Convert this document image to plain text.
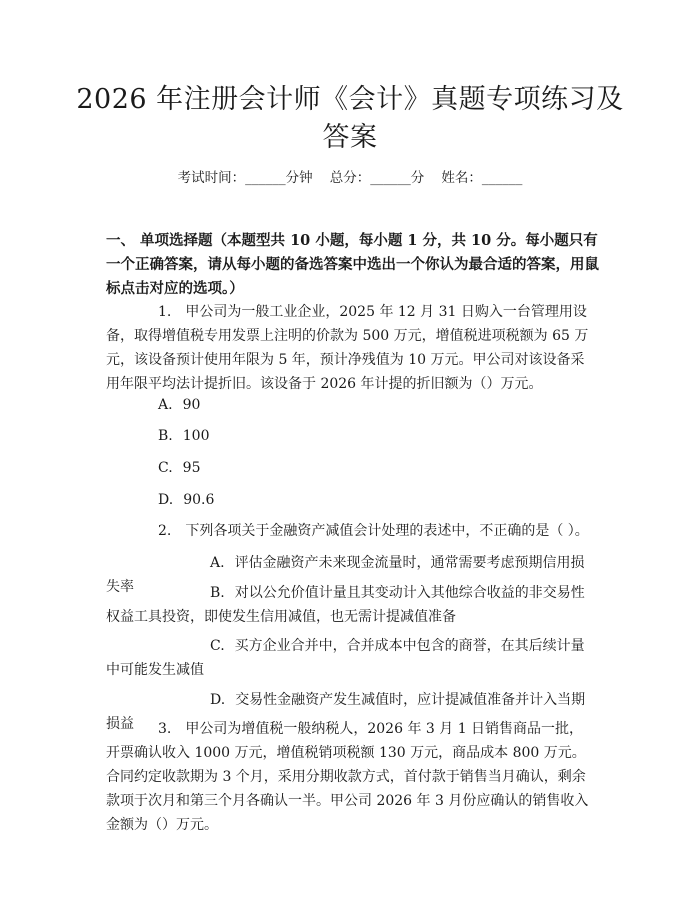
2026 年注册会计师《会计》真题专项练习及
答案
考试时间：______分钟    总分：______分    姓名：______
一、 单项选择题（本题型共 10 小题，每小题 1 分，共 10 分。每小题只有一个正确答案，请从每小题的备选答案中选出一个你认为最合适的答案，用鼠标点击对应的选项。）
1. 甲公司为一般工业企业，2025 年 12 月 31 日购入一台管理用设备，取得增值税专用发票上注明的价款为 500 万元，增值税进项税额为 65 万元，该设备预计使用年限为 5 年，预计净残值为 10 万元。甲公司对该设备采用年限平均法计提折旧。该设备于 2026 年计提的折旧额为（）万元。
A. 90
B. 100
C. 95
D. 90.6
2. 下列各项关于金融资产减值会计处理的表述中，不正确的是（ ）。
A. 评估金融资产未来现金流量时，通常需要考虑预期信用损失率	B. 对以公允价值计量且其变动计入其他综合收益的非交易性权益工具投资，即使发生信用减值，也无需计提减值准备
C. 买方企业合并中，合并成本中包含的商誉，在其后续计量中可能发生减值
D. 交易性金融资产发生减值时，应计提减值准备并计入当期损益	3. 甲公司为增值税一般纳税人，2026 年 3 月 1 日销售商品一批，开票确认收入 1000 万元，增值税销项税额 130 万元，商品成本 800 万元。合同约定收款期为 3 个月，采用分期收款方式，首付款于销售当月确认，剩余款项于次月和第三个月各确认一半。甲公司 2026 年 3 月份应确认的销售收入金额为（）万元。
